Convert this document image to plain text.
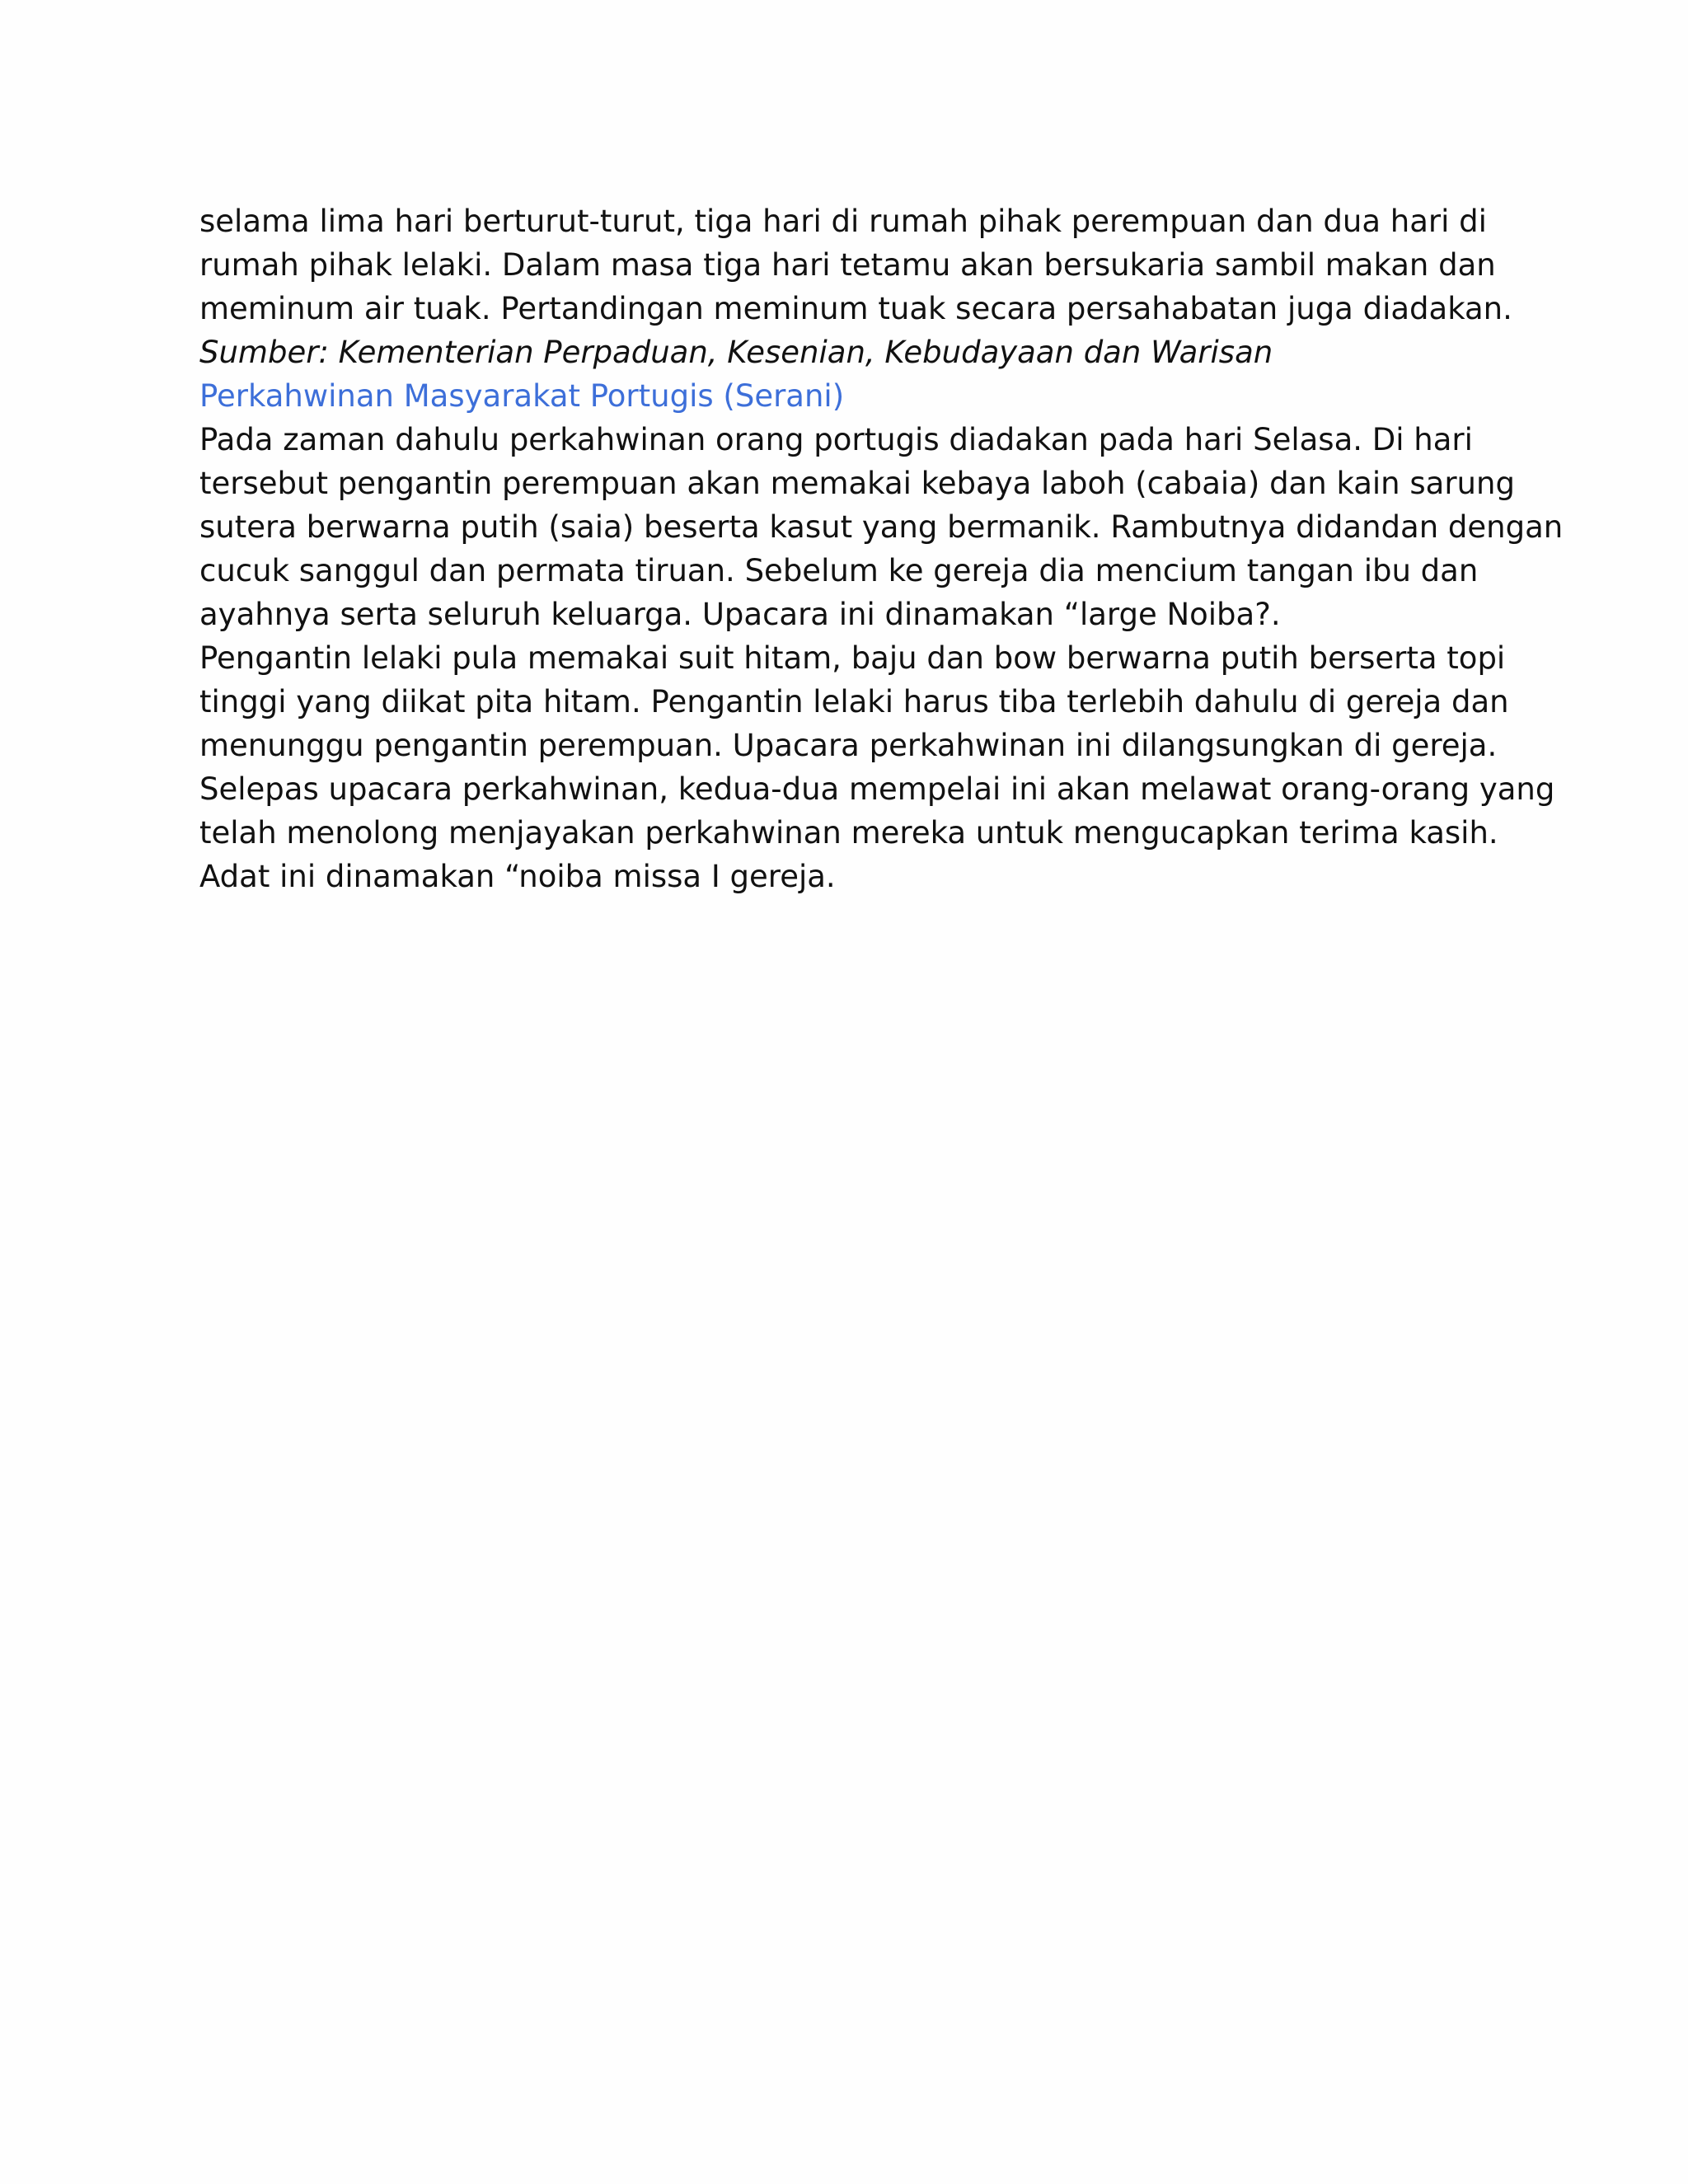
selama lima hari berturut-turut, tiga hari di rumah pihak perempuan dan dua hari di
rumah pihak lelaki. Dalam masa tiga hari tetamu akan bersukaria sambil makan dan
meminum air tuak. Pertandingan meminum tuak secara persahabatan juga diadakan.
Sumber: Kementerian Perpaduan, Kesenian, Kebudayaan dan Warisan
Perkahwinan Masyarakat Portugis (Serani)
Pada zaman dahulu perkahwinan orang portugis diadakan pada hari Selasa. Di hari
tersebut pengantin perempuan akan memakai kebaya laboh (cabaia) dan kain sarung
sutera berwarna putih (saia) beserta kasut yang bermanik. Rambutnya didandan dengan
cucuk sanggul dan permata tiruan. Sebelum ke gereja dia mencium tangan ibu dan
ayahnya serta seluruh keluarga. Upacara ini dinamakan “large Noiba?.
Pengantin lelaki pula memakai suit hitam, baju dan bow berwarna putih berserta topi
tinggi yang diikat pita hitam. Pengantin lelaki harus tiba terlebih dahulu di gereja dan
menunggu pengantin perempuan. Upacara perkahwinan ini dilangsungkan di gereja.
Selepas upacara perkahwinan, kedua-dua mempelai ini akan melawat orang-orang yang
telah menolong menjayakan perkahwinan mereka untuk mengucapkan terima kasih.
Adat ini dinamakan “noiba missa I gereja.
